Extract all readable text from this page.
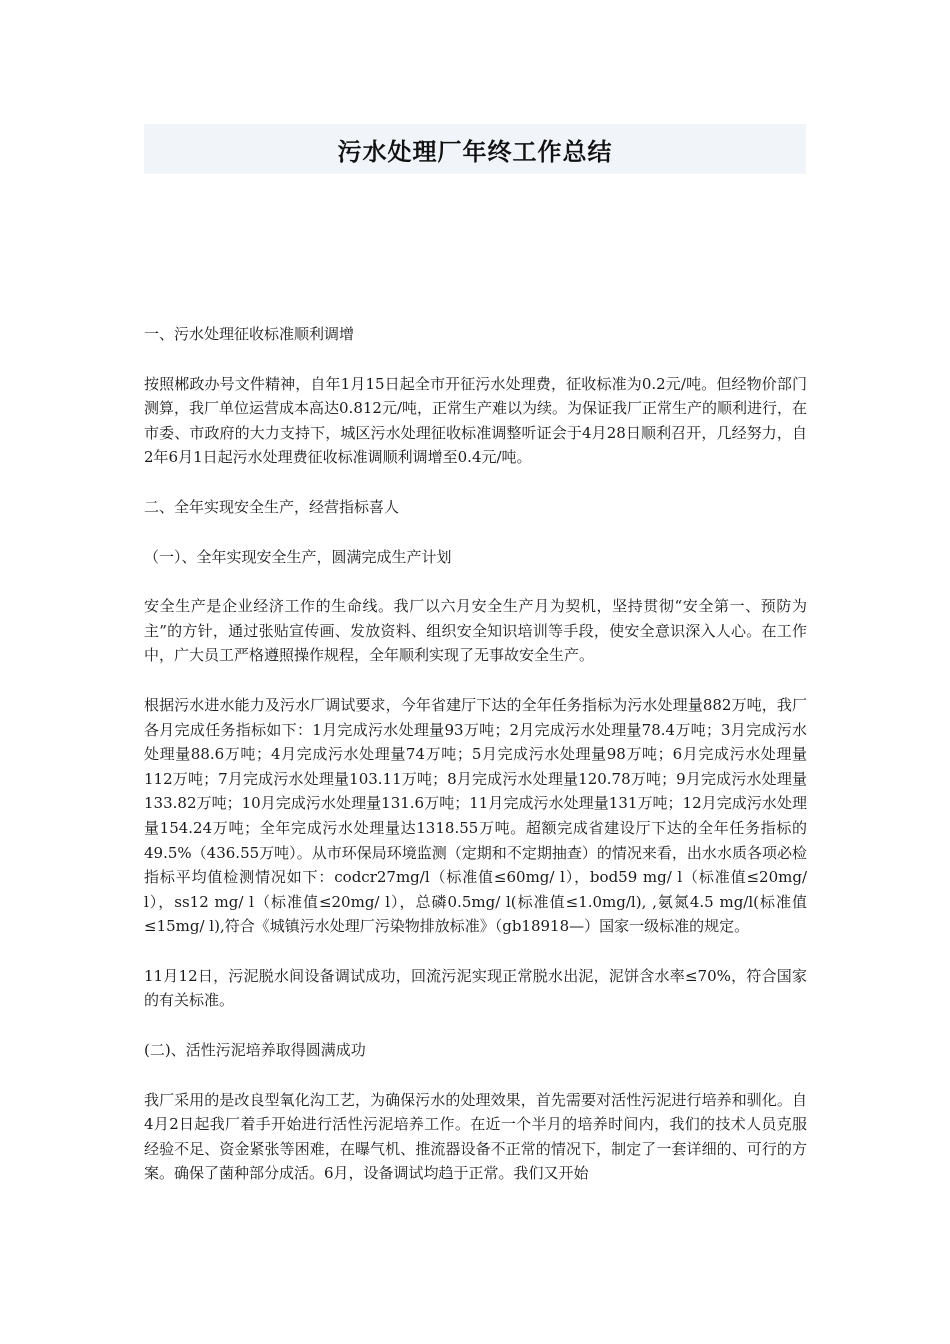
污水处理厂年终工作总结

一、污水处理征收标准顺利调增

按照郴政办号文件精神，自年1月15日起全市开征污水处理费，征收标准为0.2元/吨。但经物价部门测算，我厂单位运营成本高达0.812元/吨，正常生产难以为续。为保证我厂正常生产的顺利进行，在市委、市政府的大力支持下，城区污水处理征收标准调整听证会于4月28日顺利召开，几经努力，自2年6月1日起污水处理费征收标准调顺利调增至0.4元/吨。

二、全年实现安全生产，经营指标喜人

（一）、全年实现安全生产，圆满完成生产计划

安全生产是企业经济工作的生命线。我厂以六月安全生产月为契机，坚持贯彻“安全第一、预防为主”的方针，通过张贴宣传画、发放资料、组织安全知识培训等手段，使安全意识深入人心。在工作中，广大员工严格遵照操作规程，全年顺利实现了无事故安全生产。

根据污水进水能力及污水厂调试要求，今年省建厅下达的全年任务指标为污水处理量882万吨，我厂各月完成任务指标如下：1月完成污水处理量93万吨；2月完成污水处理量78.4万吨；3月完成污水处理量88.6万吨；4月完成污水处理量74万吨；5月完成污水处理量98万吨；6月完成污水处理量112万吨；7月完成污水处理量103.11万吨；8月完成污水处理量120.78万吨；9月完成污水处理量133.82万吨；10月完成污水处理量131.6万吨；11月完成污水处理量131万吨；12月完成污水处理量154.24万吨；全年完成污水处理量达1318.55万吨。超额完成省建设厅下达的全年任务指标的49.5%（436.55万吨）。从市环保局环境监测（定期和不定期抽查）的情况来看，出水水质各项必检指标平均值检测情况如下：codcr27mg/l（标准值≤60mg/ l），bod59 mg/ l（标准值≤20mg/ l），ss12 mg/ l（标准值≤20mg/ l），总磷0.5mg/ l(标准值≤1.0mg/l), ,氨氮4.5 mg/l(标准值≤15mg/ l),符合《城镇污水处理厂污染物排放标准》（gb18918—）国家一级标准的规定。

11月12日，污泥脱水间设备调试成功，回流污泥实现正常脱水出泥，泥饼含水率≤70%，符合国家的有关标准。

(二)、活性污泥培养取得圆满成功

我厂采用的是改良型氧化沟工艺，为确保污水的处理效果，首先需要对活性污泥进行培养和驯化。自4月2日起我厂着手开始进行活性污泥培养工作。在近一个半月的培养时间内，我们的技术人员克服经验不足、资金紧张等困难，在曝气机、推流器设备不正常的情况下，制定了一套详细的、可行的方案。确保了菌种部分成活。6月，设备调试均趋于正常。我们又开始
